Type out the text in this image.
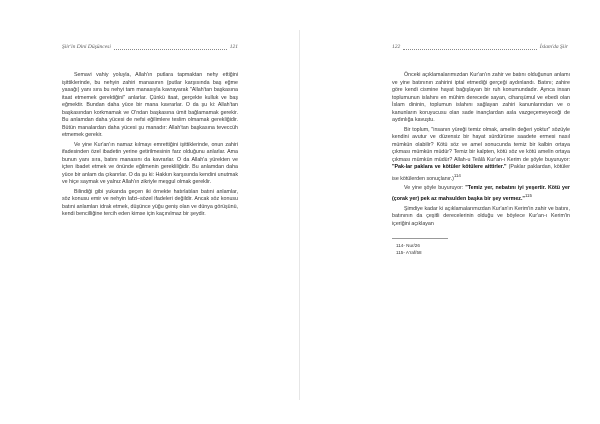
Şiir'in Dini Düşüncesi	121

Semavi vahiy yoluyla, Allah'ın putlara tapmaktan nehy ettiğini işittiklerinde, bu nehyin zahiri manasının (putlar karşısında baş eğme yasağı) yanı sıra bu nehyi tam manasıyla kavrayarak "Allah'tan başkasına itaat etmemek gerektiğini" anlarlar. Çünkü itaat, gerçekte kulluk ve baş eğmektir. Bundan daha yüce bir mana kavrarlar. O da şu ki: Allah'tan başkasından korkmamak ve O'ndan başkasına ümit bağlamamak gerekir. Bu anlamdan daha yücesi de nefsi eğilimlere teslim olmamak gerekliğidir. Bütün manalardan daha yücesi şu manadır: Allah'tan başkasına teveccüh etmemek gerekir.

Ve yine Kur'an'ın namaz kılmayı emrettiğini işittiklerinde, onun zahiri ifadesinden özel ibadetin yerine getirilmesinin farz olduğunu anlarlar. Ama bunun yanı sıra, batını manasını da kavrarlar. O da Allah'a yürekten ve içten ibadet etmek ve önünde eğilmenin gerekliliğidir. Bu anlamdan daha yüce bir anlam da çıkarırlar. O da şu ki: Hakkın karşısında kendini unutmak ve hiçe saymak ve yalnız Allah'ın zikriyle meşgul olmak gereklir.

Bilindiği gibi yukarıda geçen iki örnekte hatırlatılan batıni anlamlar, söz konusu emir ve nehyin lafzi–sözel ifadeleri değildir. Ancak söz konusu batıni anlamları idrak etmek, düşünce yüğu geniş olan ve dünya görüşünü, kendi bencilliğine tercih eden kimse için kaçınılmaz bir şeydir.

122	İslam'da Şiir

Önceki açıklamalarımızdan Kur'an'ın zahir ve batını olduğunun anlamı ve yine batınının zahirini iptal etmediği gerçeği aydınlandı. Batını; zahire göre kendi cismine hayat bağışlayan bir ruh konumundadır. Aynca insan toplumunun islahını en mühim derecede sayan, cihanşümul ve ebedi olan İslam dininin, toplumun islahını sağlayan zahiri kanunlarından ve o kanunların koruyucusu olan sade inançlardan asla vazgeçemeyeceği de aydınlığa kavuştu.

Bir toplum, "insanın yüreği temiz olmak, amelin değeri yoktur" sözüyle kendini avutur ve düzensiz bir hayat sürdürürse saadete ermesi nasıl mümkün olabilir? Kötü söz ve amel sonucunda temiz bir kalbin ortaya çıkması mümkün müdür? Temiz bir kalpten, kötü söz ve kötü amelin ortaya çıkması mümkün müdür? Allah-u Teâlâ Kur'an-ı Kerim de şöyle buyuruyor: "Pak-lar paklara ve kötüler kötülere aittirler." (Paklar paklardan, kötüler ise kötülerden sonuçlanır.)$^{114}$

Ve yine şöyle buyuruyor: "Temiz yer, nebatını iyi yeşertir. Kötü yer (çorak yer) pek az mahsulden başka bir şey vermez."$^{115}$

Şimdiye kadar ki açıklamalarımızdan Kur'an'ın Kerim'in zahir ve batını, batınının da çeşitli derecelerinin olduğu ve böylece Kur'an-ı Kerim'in içeriğini açıklayan

114- Nur/26
115- A'raf/58
